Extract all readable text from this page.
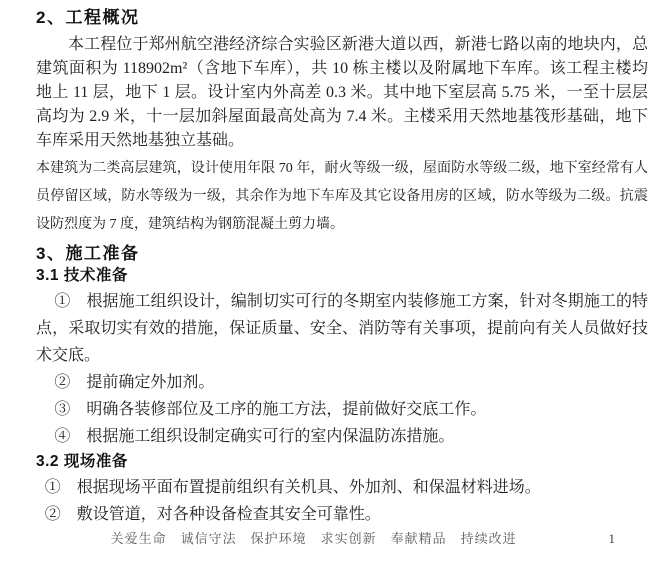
2、工程概况

本工程位于郑州航空港经济综合实验区新港大道以西，新港七路以南的地块内，总建筑面积为 118902m²（含地下车库），共 10 栋主楼以及附属地下车库。该工程主楼均地上 11 层，地下 1 层。设计室内外高差 0.3 米。其中地下室层高 5.75 米，一至十层层高均为 2.9 米，十一层加斜屋面最高处高为 7.4 米。主楼采用天然地基筏形基础，地下车库采用天然地基独立基础。

本建筑为二类高层建筑，设计使用年限 70 年，耐火等级一级，屋面防水等级二级，地下室经常有人员停留区域，防水等级为一级，其余作为地下车库及其它设备用房的区域，防水等级为二级。抗震设防烈度为 7 度，建筑结构为钢筋混凝土剪力墙。

3、施工准备
3.1 技术准备

①　根据施工组织设计，编制切实可行的冬期室内装修施工方案，针对冬期施工的特点，采取切实有效的措施，保证质量、安全、消防等有关事项，提前向有关人员做好技术交底。

②　提前确定外加剂。

③　明确各装修部位及工序的施工方法，提前做好交底工作。

④　根据施工组织设制定确实可行的室内保温防冻措施。

3.2 现场准备

①　根据现场平面布置提前组织有关机具、外加剂、和保温材料进场。

②　敷设管道，对各种设备检查其安全可靠性。

关爱生命　诚信守法　保护环境　求实创新　奉献精品　持续改进	1
